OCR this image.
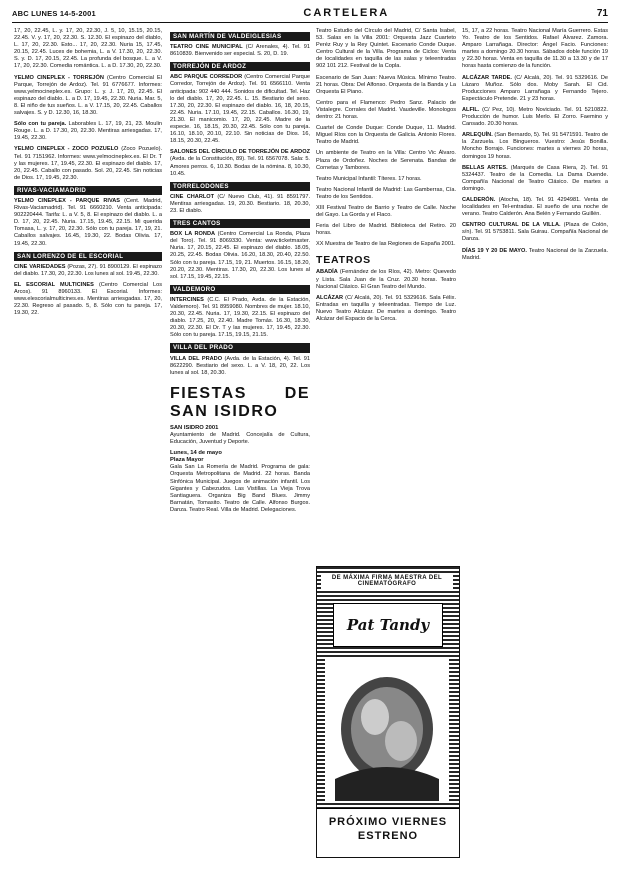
ABC LUNES 14-5-2001	CARTELERA	71
17, 20, 22.45, L. y. 17, 20, 22.30, J. 5, 10, 15.15, 20.15, 22.45. V. y. 17, 20, 22.30. S. 12.30. El espinazo del diablo, L. 17, 20, 22.30. Esto... 17, 20, 22.30. Nuria 15, 17.45, 20.15, 22.45. Luces de bohemia, L. a V. 17.30, 20, 22.30. S. y. D. 17, 20.15, 22.45. La profunda del bosque. L. a V. 17, 20, 22.30. Comedia romántica. L. a D. 17.30, 20, 22.30.
YELMO CINEPLEX - TORREJÓN (Centro Comercial El Parque, Torrejón de Ardoz). Tel. 91 6776677. Informes: www.yelmocineplex.es. Grupo: L. y. J. 17, 20, 22.45. El espinazo del diablo. L. a D. 17, 19.45, 22.30. Nuria. Mar. 5, 8. El niño de tus sueños. L. a V. 17.15, 20, 22.45. Caballos salvajes. S. y D. 12.30, 16, 18.30.
Sólo con tu pareja. Laborables L. 17, 19, 21, 23. Moulin Rouge. L. a D. 17.30, 20, 22.30. Mentiras arriesgadas. 17, 19.45, 22.30.
YELMO CINEPLEX - ZOCO POZUELO (Zoco Pozuelo). Tel. 91 7151962. Informes: www.yelmocineplex.es. El Dr. T y las mujeres. 17, 19.45, 22.30. El espinazo del diablo. 17, 20, 22.45. Caballo con pasado. Sol. 20, 22.45. Sin noticias de Dios. 17, 19.45, 22.30.
RIVAS-VACIAMADRID
YELMO CINEPLEX - PARQUE RIVAS (Cent. Madrid, Rivas-Vaciamadrid). Tel. 91 6660210. Venta anticipada: 902220444. Tarifa: L. a V. 5, 8. El espinazo del diablo. L. a D. 17, 20, 22.45. Nuria. 17.15, 19.45, 22.15. Mi querida Tomasa, L. y. 17, 20, 22.30. Sólo con tu pareja. 17, 19, 21. Caballos salvajes. 16.45, 19.30, 22. Bodas Olivia. 17, 19.45, 22.30.
SAN LORENZO DE EL ESCORIAL
CINE VARIEDADES (Pozas, 27). 91 8900129. El espinazo del diablo. 17.30, 20, 22.30. Los lunes al sol. 19.45, 22.30.
EL ESCORIAL MULTICINES (Centro Comercial Los Arcos). 91 8960133. El Escorial. Informes: www.elescorialmulticines.es. Mentiras arriesgadas. 17, 20, 22.30. Regreso al pasado. 5, 8. Sólo con tu pareja. 17, 19.30, 22.
SAN MARTÍN DE VALDEIGLESIAS
TEATRO CINE MUNICIPAL (C/ Arenales, 4). Tel. 91 8610839. Bienvenido ser especial. S. 20, D. 19.
TORREJÓN DE ARDOZ
ABC PARQUE CORREDOR (Centro Comercial Parque Corredor, Torrejón de Ardoz). Tel. 91 6566110. Venta anticipada: 902 440 444. Sonidos de dificultad. Tel. Haz lo del diablo. 17, 20, 22.45. L. 15. Bestiario del sexo. 17.30, 20, 22.30. El espinazo del diablo. 16, 18, 20.15, 22.45. Nuria. 17.10, 19.45, 22.15. Caballos. 16.30, 19, 21.30. El manicomio. 17, 20, 22.45. Madre de la especie. 16, 18.15, 20.30, 22.45. Sólo con tu pareja. 16.10, 18.10, 20.10, 22.10. Sin noticias de Dios. 16, 18.15, 20.30, 22.45.
SALONES DEL CÍRCULO DE TORREJÓN DE ARDOZ (Avda. de la Constitución, 89). Tel. 91 6567078. Sala: 5. Amores perros. 6, 10.30. Bodas de la nómina. 8, 10.30, 10.45.
TORRELODONES
CINE CHARLOT (C/ Nuevo Club, 41). 91 8591797. Mentiras arriesgadas. 19, 20.30. Bestiario. 18, 20.30, 23. El diablo.
TRES CANTOS
BOX LA RONDA (Centro Comercial La Ronda, Plaza del Toro). Tel. 91 8069330. Venta: www.ticketmaster. Nuria. 17, 20.15, 22.45. El espinazo del diablo. 18.05, 20.25, 22.45. Bodas Olivia. 16.20, 18.30, 20.40, 22.50. Sólo con tu pareja. 17.15, 19, 21. Muertos. 16.15, 18.20, 20.20, 22.30. Mentiras. 17.30, 20, 22.30. Los lunes al sol. 17.15, 19.45, 22.15.
VALDEMORO
INTERCINES (C.C. El Prado, Avda. de la Estación, Valdemoro). Tel. 91 8959080. Nombres de mujer. 18.10, 20.30, 22.45. Nuria. 17, 19.30, 22.15. El espinazo del diablo. 17.25, 20, 22.40. Madre Tomás. 16.30, 18.30, 20.30, 22.30. El Dr. T y las mujeres. 17, 19.45, 22.30. Sólo con tu pareja. 17.15, 19.15, 21.15.
VILLA DEL PRADO
VILLA DEL PRADO (Avda. de la Estación, 4). Tel. 91 8622290. Bestiario del sexo. L. a V. 18, 20, 22. Los lunes al sol. 18, 20.30.
FIESTAS DE SAN ISIDRO
SAN ISIDRO 2001
Ayuntamiento de Madrid. Concejalía de Cultura, Educación, Juventud y Deporte.
Lunes, 14 de mayo
Plaza Mayor
Gala San La Romería de Madrid. Programa de gala: Orquesta Metropolitana de Madrid. 22 horas. Banda Sinfónica Municipal. Juegos de animación infantil. Los Gigantes y Cabezudos. Las Vistillas. La Vieja Trova Santiaguera. Organiza Big Band Blues. Jimmy Barnatán, Tomasito. Teatro de Calle. Alfonso Burgos. Danza. Teatro Real. Villa de Madrid. Delegaciones.
Teatro Estudio del Círculo del Madrid, C/ Santa Isabel, 53. Salas en la Villa 2001: Orquesta Jazz Cuarteto Peréz Ruy y la Rey Quintet. Escenario Conde Duque. Centro Cultural de la Villa. Programa de Ciclos: Venta de localidades en taquilla de las salas y teleentradas 902 101 212. Festival de la Copla.
Escenario de San Juan: Nueva Música. Mínimo Teatro. 21 horas. Obra: Del Alfonso. Orquesta de la Banda y La Orquesta El Piano.
Centro para el Flamenco: Pedro Sanz. Palacio de Vistalegre. Corrales del Madrid. Vaudeville. Monologos dentro: 21 horas.
Cuartel de Conde Duque: Conde Duque, 11. Madrid. Miguel Ríos con la Orquesta de Galicia. Antonio Flores. Teatro de Madrid.
Un ambiente de Teatro en la Villa: Centro Vic Álvaro. Plaza de Ordoñez. Noches de Serenata. Bandas de Cornetas y Tambores.
Teatro Municipal Infantil: Títeres. 17 horas.
Teatro Nacional Infantil de Madrid: Las Gamberras, Cía. Teatro de los Sentidos.
XIII Festival Teatro de Barrio y Teatro de Calle. Noche del Gayo. La Gorda y el Flaco.
Feria del Libro de Madrid. Biblioteca del Retiro. 20 horas.
XX Muestra de Teatro de las Regiones de España 2001.
TEATROS
ABADÍA (Fernández de los Ríos, 42). Metro: Quevedo y Lista. Sala Juan de la Cruz. 20.30 horas. Teatro Nacional Clásico. El Gran Teatro del Mundo.
ALCÁZAR (C/ Alcalá, 20). Tel. 91 5329616. Sala Félix. Entradas en taquilla y teleentradas. Tiempo de Luz. Nuevo Teatro Alcázar. De martes a domingo. Teatro Alcázar del Espacio de la Cerca.
DE MÁXIMA FIRMA MAESTRA DEL CINEMATÓGRAFO
Pat Tandy
PRÓXIMO VIERNES
ESTRENO
15, 17, a 22 horas. Teatro Nacional María Guerrero. Estas Yo. Teatro de los Sentidos. Rafael Álvarez. Zamora. Amparo Larrañaga. Director: Ángel Facio. Funciones: martes a domingo 20.30 horas. Sábados doble función 19 y 22.30 horas. Venta en taquilla de 11.30 a 13.30 y de 17 horas hasta comienzo de la función.
ALCÁZAR TARDE. (C/ Alcalá, 20). Tel. 91 5329616. De Lázaro Muñoz. Sólo dos. Moby Sarah. El Cid. Producciones Amparo Larrañaga y Fernando Tejero. Espectáculo Pretende. 21 y 23 horas.
ALFIL. (C/ Pez, 10). Metro Noviciado. Tel. 91 5210822. Producción de humor. Luis Merlo. El Zorro. Faemino y Cansado. 20.30 horas.
ARLEQUÍN. (San Bernardo, 5). Tel. 91 5471591. Teatro de la Zarzuela. Los Bingueros. Vuestro: Jesús Bonilla. Moncho Borrajo. Funciones: martes a viernes 20 horas, domingos 19 horas.
BELLAS ARTES. (Marqués de Casa Riera, 2). Tel. 91 5324437. Teatro de la Comedia. La Dama Duende. Compañía Nacional de Teatro Clásico. De martes a domingo.
CALDERÓN. (Atocha, 18). Tel. 91 4294981. Venta de localidades en Tel-entradas. El sueño de una noche de verano. Teatro Calderón. Ana Belén y Fernando Guillén.
CENTRO CULTURAL DE LA VILLA. (Plaza de Colón, s/n). Tel. 91 5753811. Sala Guirau. Compañía Nacional de Danza.
DÍAS 19 Y 20 DE MAYO. Teatro Nacional de la Zarzuela. Madrid.
